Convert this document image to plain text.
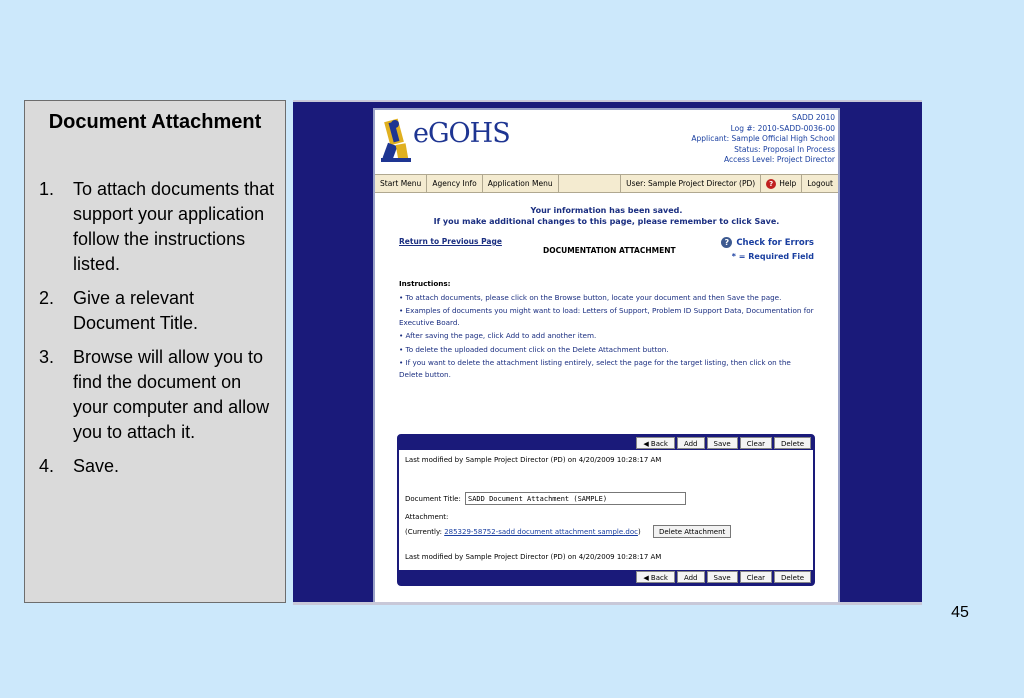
Document Attachment
1. To attach documents that support your application follow the instructions listed.
2. Give a relevant Document Title.
3. Browse will allow you to find the document on your computer and allow you to attach it.
4. Save.
45
eGOHS
SADD 2010
Log #: 2010-SADD-0036-00
Applicant: Sample Official High School
Status: Proposal In Process
Access Level: Project Director
Start Menu	Agency Info	Application Menu	User: Sample Project Director (PD)	? Help	Logout
Your information has been saved.
If you make additional changes to this page, please remember to click Save.
Return to Previous Page
DOCUMENTATION ATTACHMENT
? Check for Errors
* = Required Field
Instructions:

• To attach documents, please click on the Browse button, locate your document and then Save the page.

• Examples of documents you might want to load: Letters of Support, Problem ID Support Data, Documentation for Executive Board.

• After saving the page, click Add to add another item.

• To delete the uploaded document click on the Delete Attachment button.

• If you want to delete the attachment listing entirely, select the page for the target listing, then click on the Delete button.

◀ Back	Add	Save	Clear	Delete
Last modified by Sample Project Director (PD) on 4/20/2009 10:28:17 AM
Document Title:	SADD Document Attachment (SAMPLE)
Attachment:
(Currently: 285329-58752-sadd document attachment sample.doc)	Delete Attachment
Last modified by Sample Project Director (PD) on 4/20/2009 10:28:17 AM
◀ Back	Add	Save	Clear	Delete
